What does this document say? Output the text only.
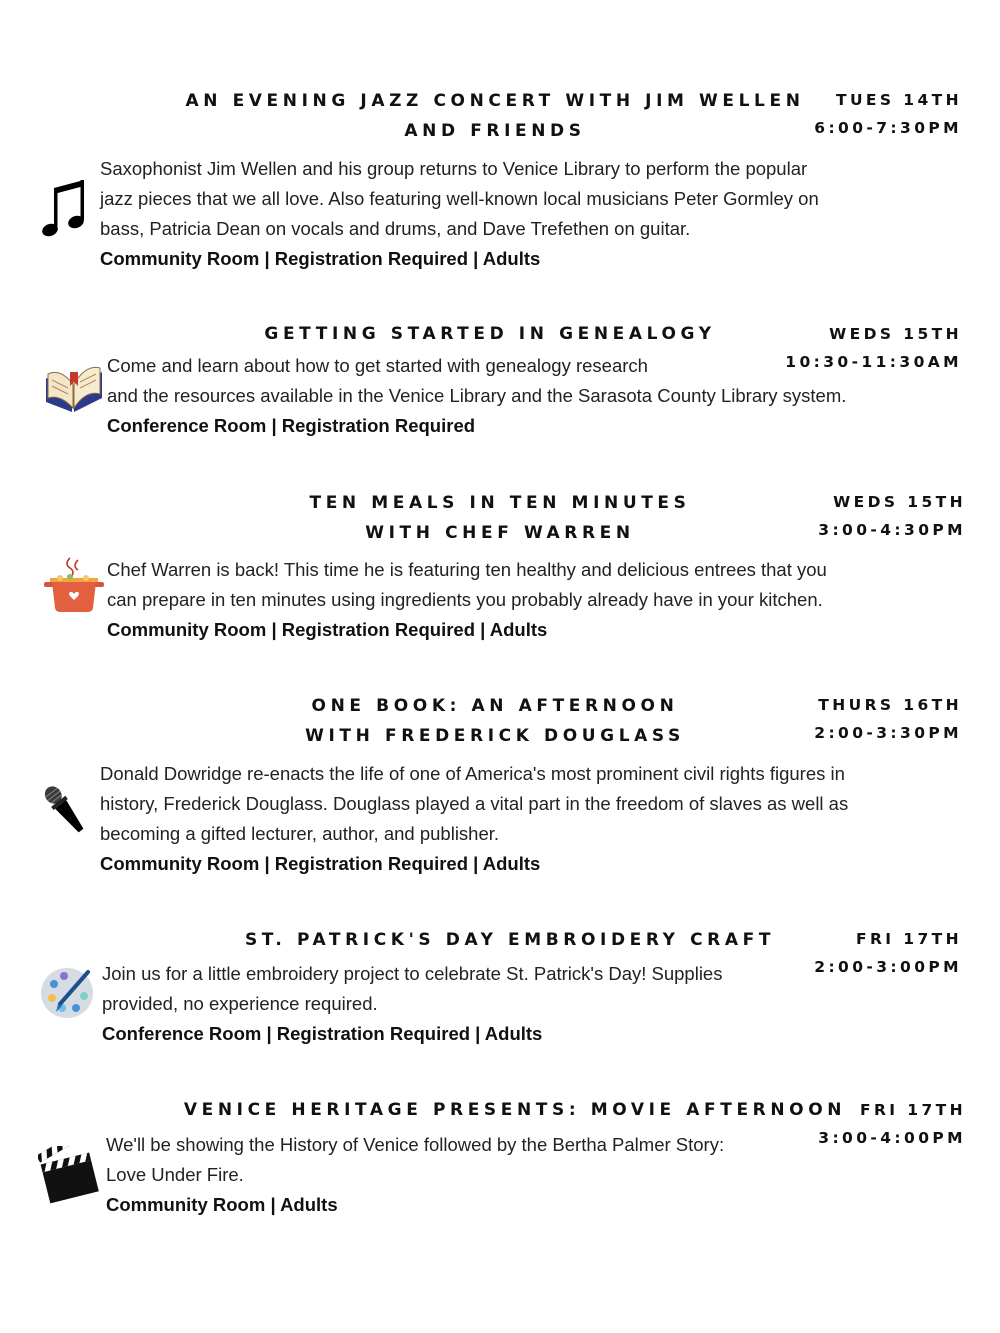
AN EVENING JAZZ CONCERT WITH JIM WELLEN
AND FRIENDS
TUES 14TH
6:00-7:30PM
Saxophonist Jim Wellen and his group returns to Venice Library to perform the popular
jazz pieces that we all love. Also featuring well-known local musicians Peter Gormley on
bass, Patricia Dean on vocals and drums, and Dave Trefethen on guitar.
Community Room | Registration Required | Adults
GETTING STARTED IN GENEALOGY	WEDS 15TH
10:30-11:30AM
Come and learn about how to get started with genealogy research
and the resources available in the Venice Library and the Sarasota County Library system.
Conference Room | Registration Required
TEN MEALS IN TEN MINUTES
WITH CHEF WARREN
WEDS 15TH
3:00-4:30PM
Chef Warren is back! This time he is featuring ten healthy and delicious entrees that you
can prepare in ten minutes using ingredients you probably already have in your kitchen.
Community Room | Registration Required | Adults
ONE BOOK: AN AFTERNOON
WITH FREDERICK DOUGLASS
THURS 16TH
2:00-3:30PM
Donald Dowridge re-enacts the life of one of America's most prominent civil rights figures in
history, Frederick Douglass. Douglass played a vital part in the freedom of slaves as well as
becoming a gifted lecturer, author, and publisher.
Community Room | Registration Required | Adults
ST. PATRICK'S DAY EMBROIDERY CRAFT	FRI 17TH
2:00-3:00PM
Join us for a little embroidery project to celebrate St. Patrick's Day! Supplies
provided, no experience required.
Conference Room | Registration Required | Adults
VENICE HERITAGE PRESENTS: MOVIE AFTERNOON FRI 17TH
3:00-4:00PM
We'll be showing the History of Venice followed by the Bertha Palmer Story:
Love Under Fire.
Community Room | Adults
